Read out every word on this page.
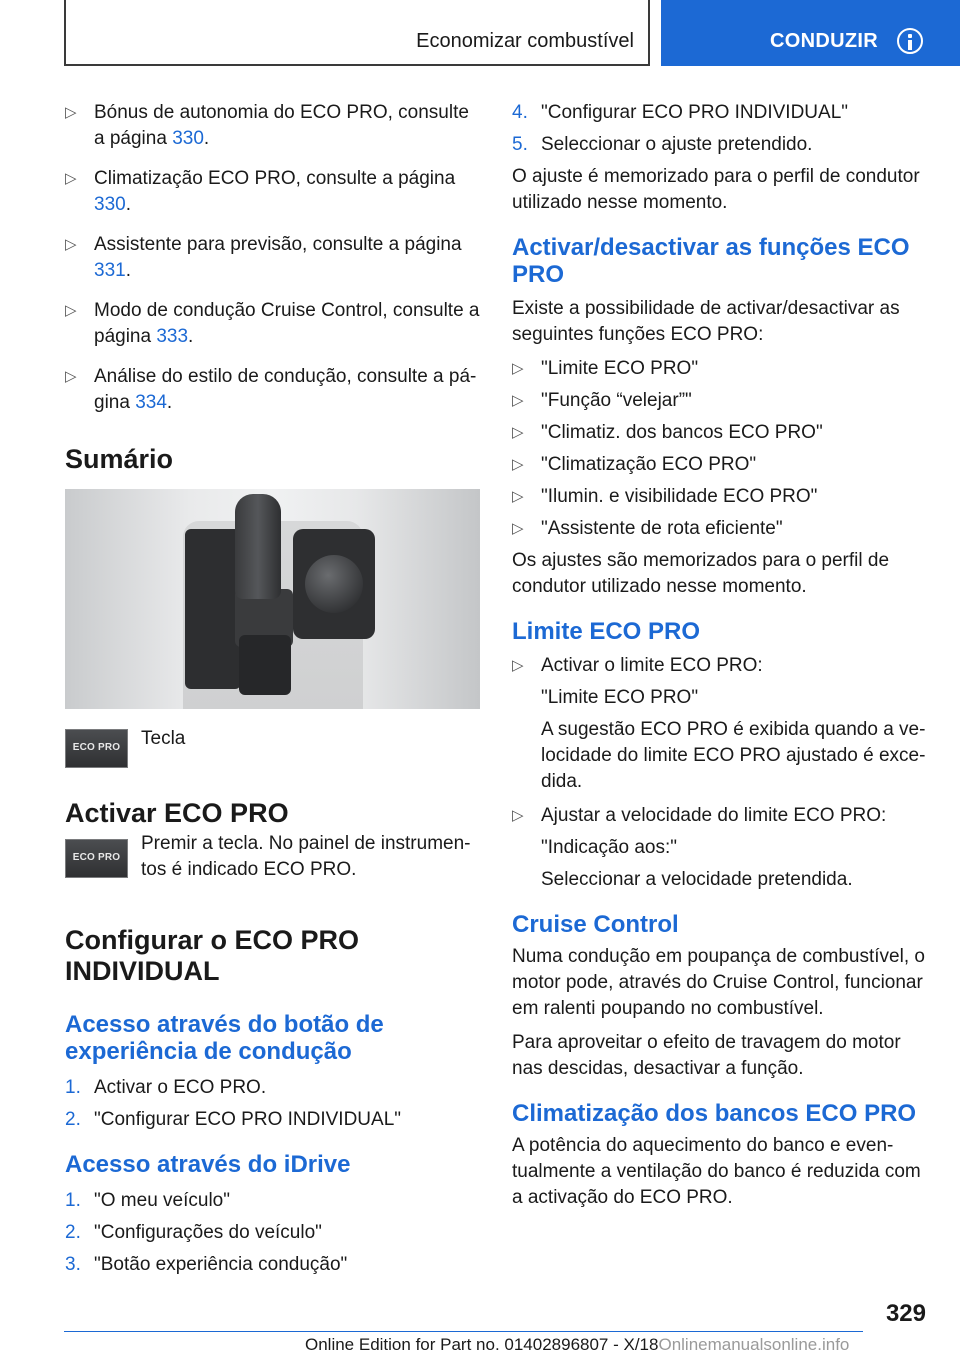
Economizar combustível	CONDUZIR
▷ Bónus de autonomia do ECO PRO, consulte a página 330.
▷ Climatização ECO PRO, consulte a página 330.
▷ Assistente para previsão, consulte a página 331.
▷ Modo de condução Cruise Control, consulte a página 333.
▷ Análise do estilo de condução, consulte a página 334.
Sumário
ECO PRO	Tecla
Activar ECO PRO
ECO PRO
Premir a tecla. No painel de instrumentos é indicado ECO PRO.
Configurar o ECO PRO INDIVIDUAL
Acesso através do botão de experiência de condução
1. Activar o ECO PRO.
2. "Configurar ECO PRO INDIVIDUAL"
Acesso através do iDrive
1. "O meu veículo"
2. "Configurações do veículo"
3. "Botão experiência condução"
4. "Configurar ECO PRO INDIVIDUAL"
5. Seleccionar o ajuste pretendido.

O ajuste é memorizado para o perfil de condutor utilizado nesse momento.

Activar/desactivar as funções ECO PRO

Existe a possibilidade de activar/desactivar as seguintes funções ECO PRO:

▷ "Limite ECO PRO"
▷ "Função “velejar”"
▷ "Climatiz. dos bancos ECO PRO"
▷ "Climatização ECO PRO"
▷ "Ilumin. e visibilidade ECO PRO"
▷ "Assistente de rota eficiente"

Os ajustes são memorizados para o perfil de condutor utilizado nesse momento.

Limite ECO PRO
▷ Activar o limite ECO PRO:

"Limite ECO PRO"

A sugestão ECO PRO é exibida quando a velocidade do limite ECO PRO ajustado é excedida.

▷ Ajustar a velocidade do limite ECO PRO:

"Indicação aos:"

Seleccionar a velocidade pretendida.

Cruise Control

Numa condução em poupança de combustível, o motor pode, através do Cruise Control, funcionar em ralenti poupando no combustível.

Para aproveitar o efeito de travagem do motor nas descidas, desactivar a função.

Climatização dos bancos ECO PRO

A potência do aquecimento do banco e eventualmente a ventilação do banco é reduzida com a activação do ECO PRO.

329
Online Edition for Part no. 01402896807 - X/18Onlinemanualsonline.info
